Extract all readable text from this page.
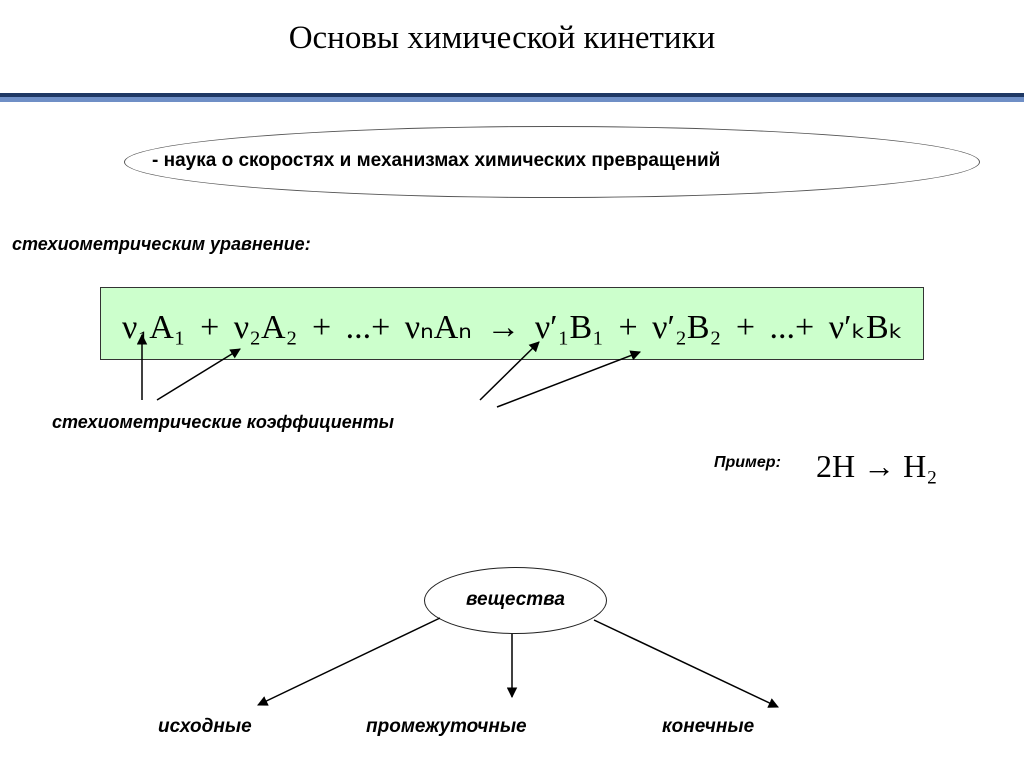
Основы химической кинетики
- наука о скоростях и механизмах химических превращений
стехиометрическим уравнение:
ν₁A₁ + ν₂A₂ + ...+ νₙAₙ → ν′₁B₁ + ν′₂B₂ + ...+ ν′ₖBₖ
стехиометрические коэффициенты
Пример: 2H → H₂
вещества
исходные	промежуточные	конечные
